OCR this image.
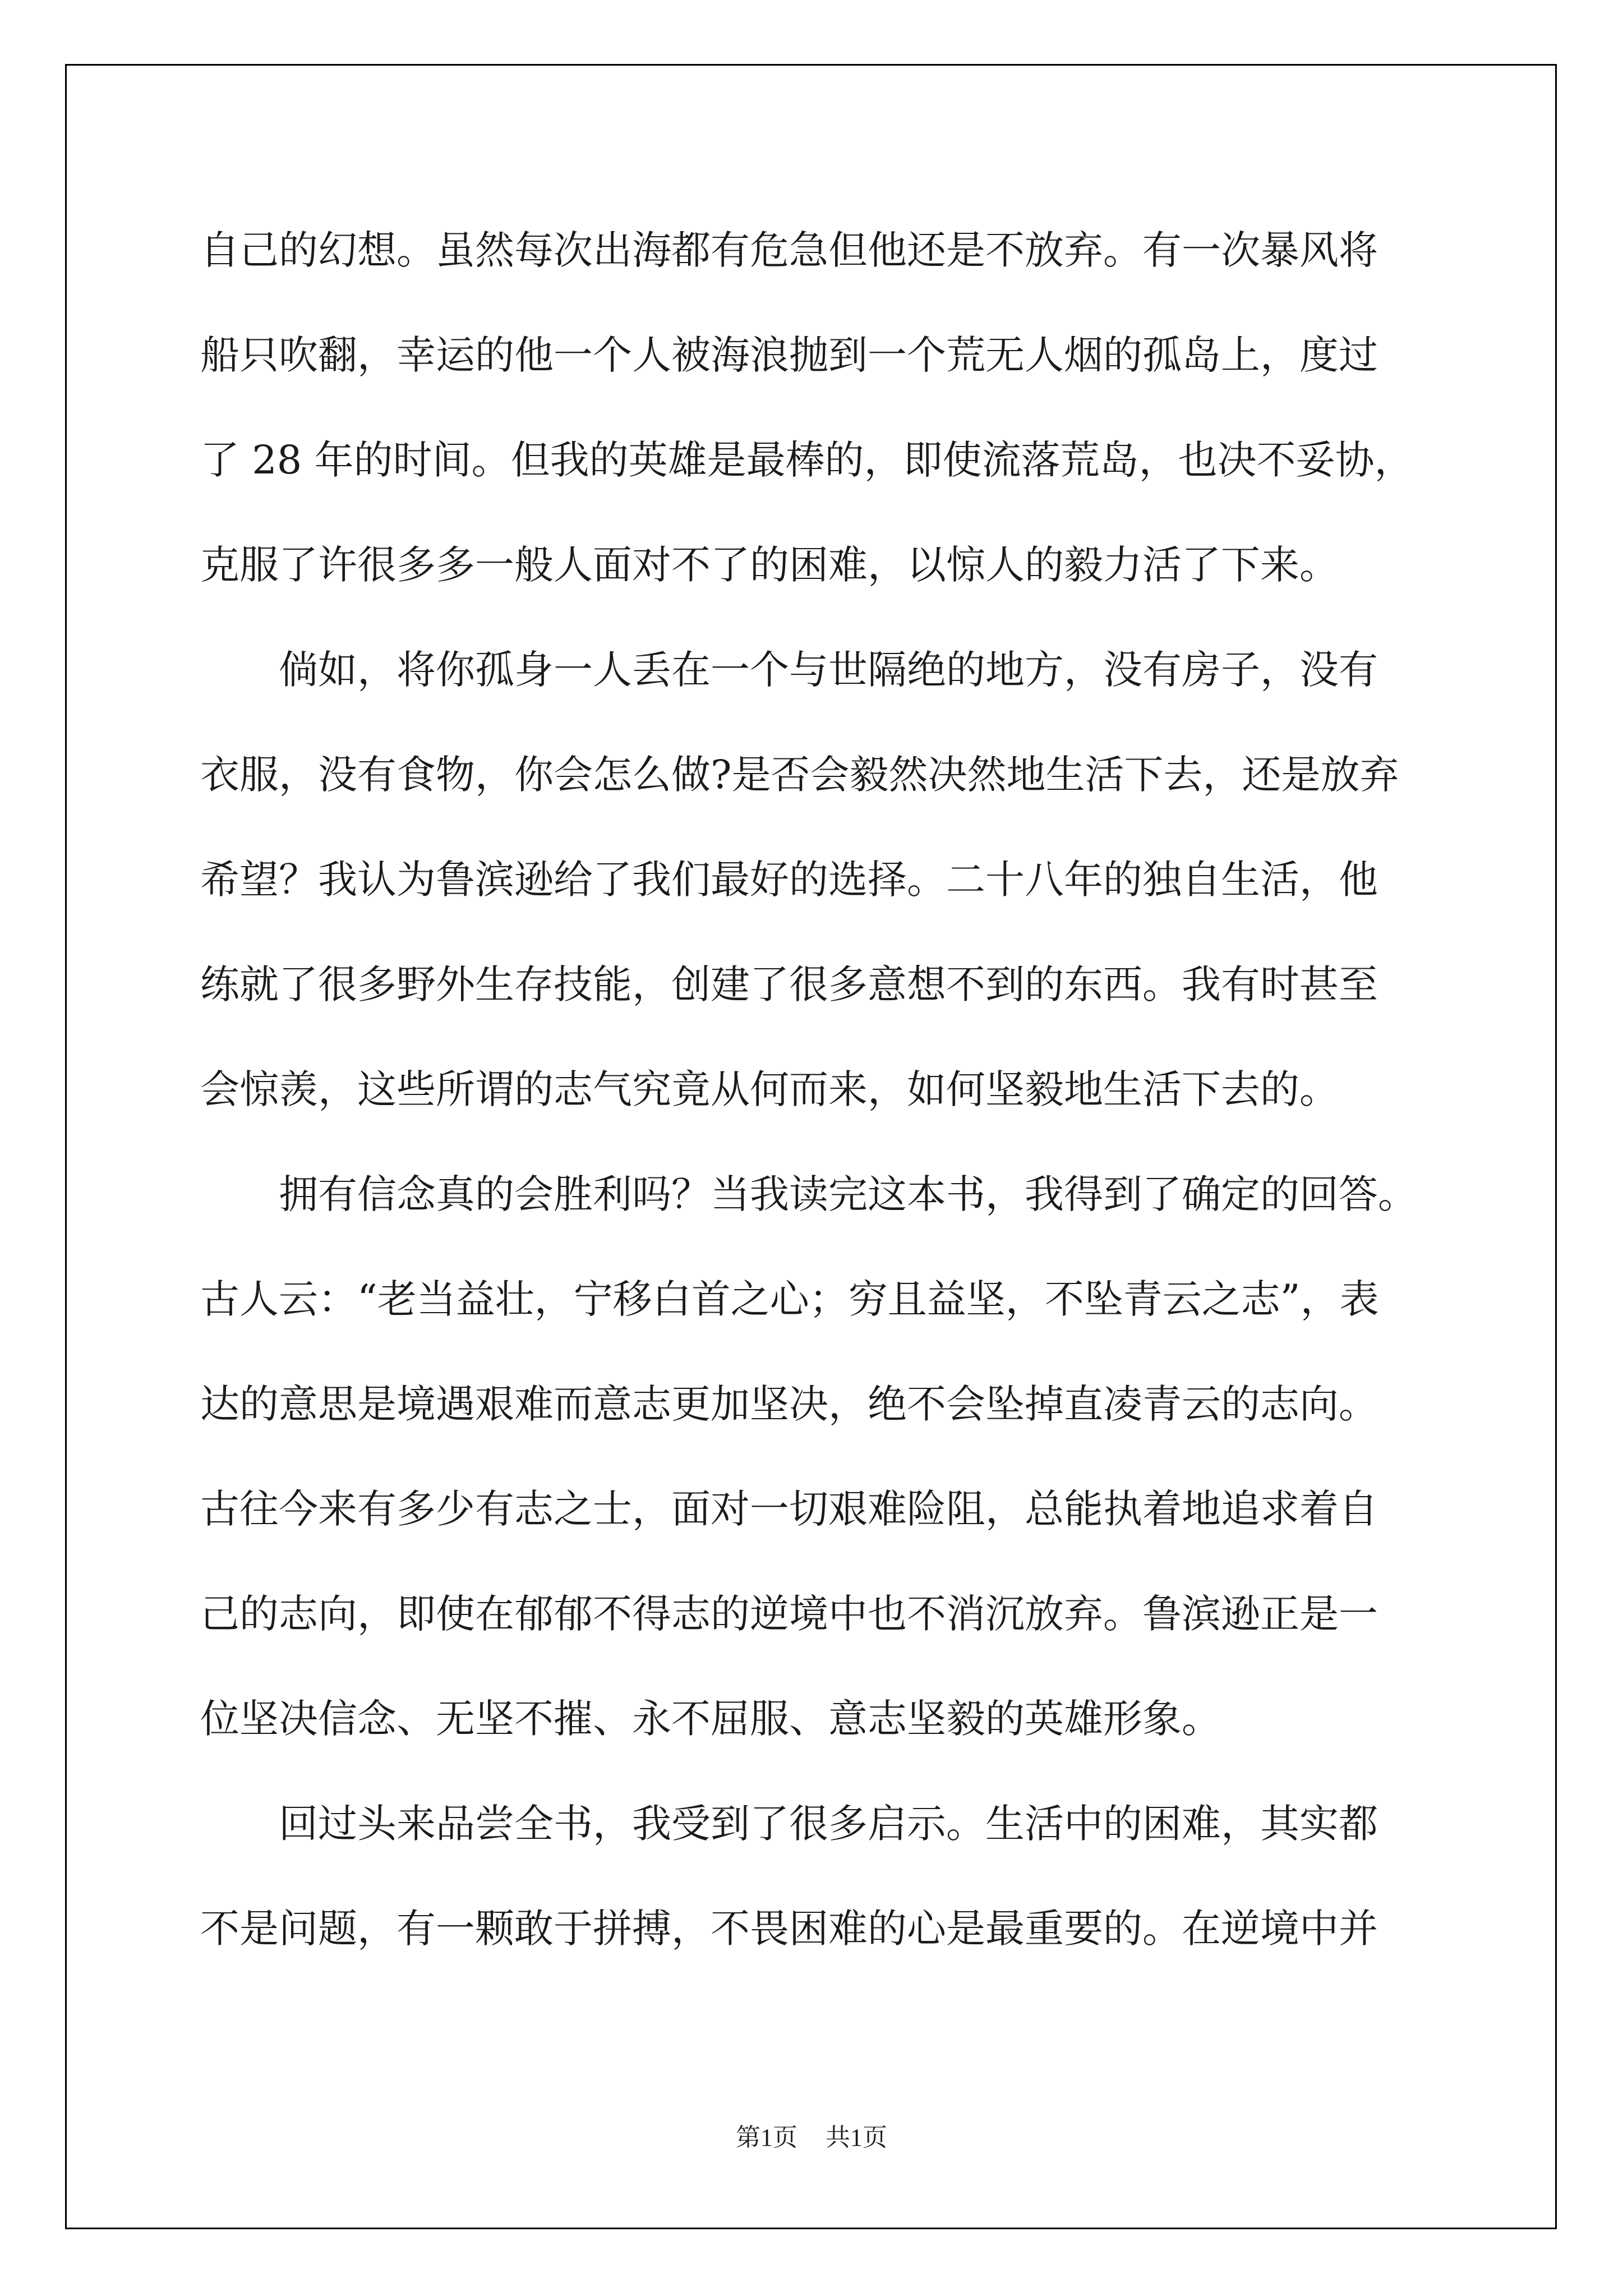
自己的幻想。虽然每次出海都有危急但他还是不放弃。有一次暴风将
船只吹翻，幸运的他一个人被海浪抛到一个荒无人烟的孤岛上，度过
了 28 年的时间。但我的英雄是最棒的，即使流落荒岛，也决不妥协，
克服了许很多多一般人面对不了的困难，以惊人的毅力活了下来。
　　倘如，将你孤身一人丢在一个与世隔绝的地方，没有房子，没有
衣服，没有食物，你会怎么做?是否会毅然决然地生活下去，还是放弃
希望？我认为鲁滨逊给了我们最好的选择。二十八年的独自生活，他
练就了很多野外生存技能，创建了很多意想不到的东西。我有时甚至
会惊羡，这些所谓的志气究竟从何而来，如何坚毅地生活下去的。
　　拥有信念真的会胜利吗？当我读完这本书，我得到了确定的回答。
古人云：“老当益壮，宁移白首之心；穷且益坚，不坠青云之志”，表
达的意思是境遇艰难而意志更加坚决，绝不会坠掉直凌青云的志向。
古往今来有多少有志之士，面对一切艰难险阻，总能执着地追求着自
己的志向，即使在郁郁不得志的逆境中也不消沉放弃。鲁滨逊正是一
位坚决信念、无坚不摧、永不屈服、意志坚毅的英雄形象。
　　回过头来品尝全书，我受到了很多启示。生活中的困难，其实都
不是问题，有一颗敢于拼搏，不畏困难的心是最重要的。在逆境中并
第1页 共1页
